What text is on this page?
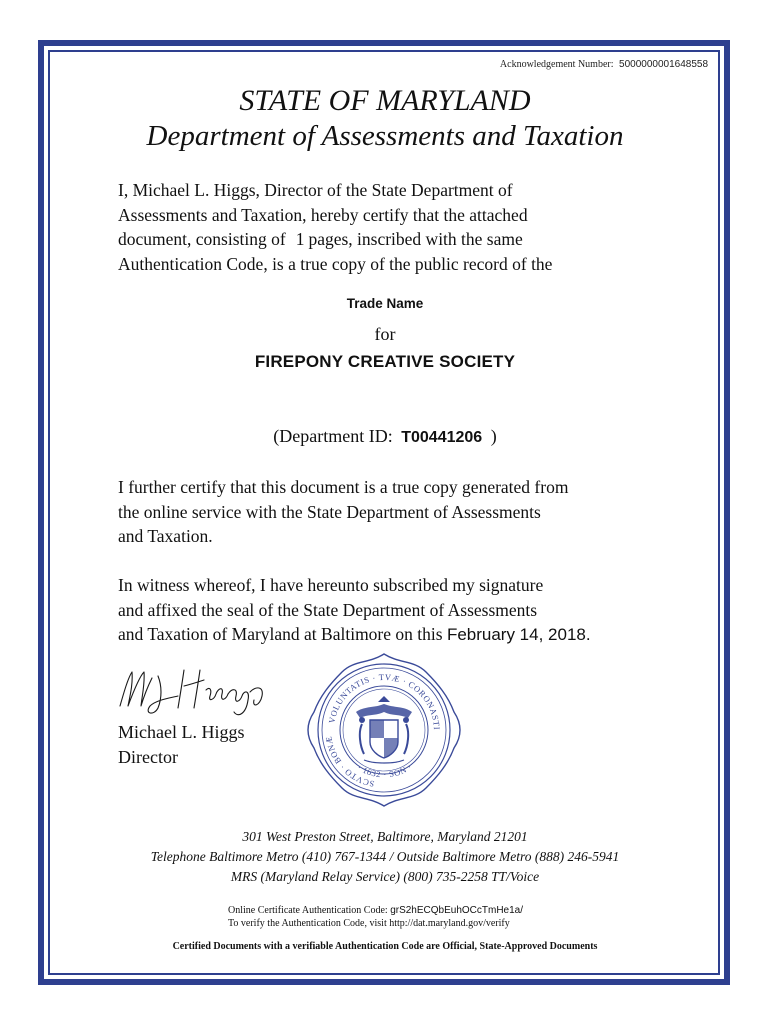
Acknowledgement Number: 5000000001648558
STATE OF MARYLAND
Department of Assessments and Taxation
I, Michael L. Higgs, Director of the State Department of
Assessments and Taxation, hereby certify that the attached
document, consisting of 1 pages, inscribed with the same
Authentication Code, is a true copy of the public record of the
Trade Name
for
FIREPONY CREATIVE SOCIETY
(Department ID: T00441206 )
I further certify that this document is a true copy generated from
the online service with the State Department of Assessments
and Taxation.
In witness whereof, I have hereunto subscribed my signature
and affixed the seal of the State Department of Assessments
and Taxation of Maryland at Baltimore on this February 14, 2018.
Michael L. Higgs
Director
VOLUNTATIS · TVÆ · CORONASTI
SCVTO · BONÆ
· 1632 · SON ·
301 West Preston Street, Baltimore, Maryland 21201
Telephone Baltimore Metro (410) 767-1344 / Outside Baltimore Metro (888) 246-5941
MRS (Maryland Relay Service) (800) 735-2258 TT/Voice
Online Certificate Authentication Code: grS2hECQbEuhOCcTmHe1a/
To verify the Authentication Code, visit http://dat.maryland.gov/verify
Certified Documents with a verifiable Authentication Code are Official, State-Approved Documents
